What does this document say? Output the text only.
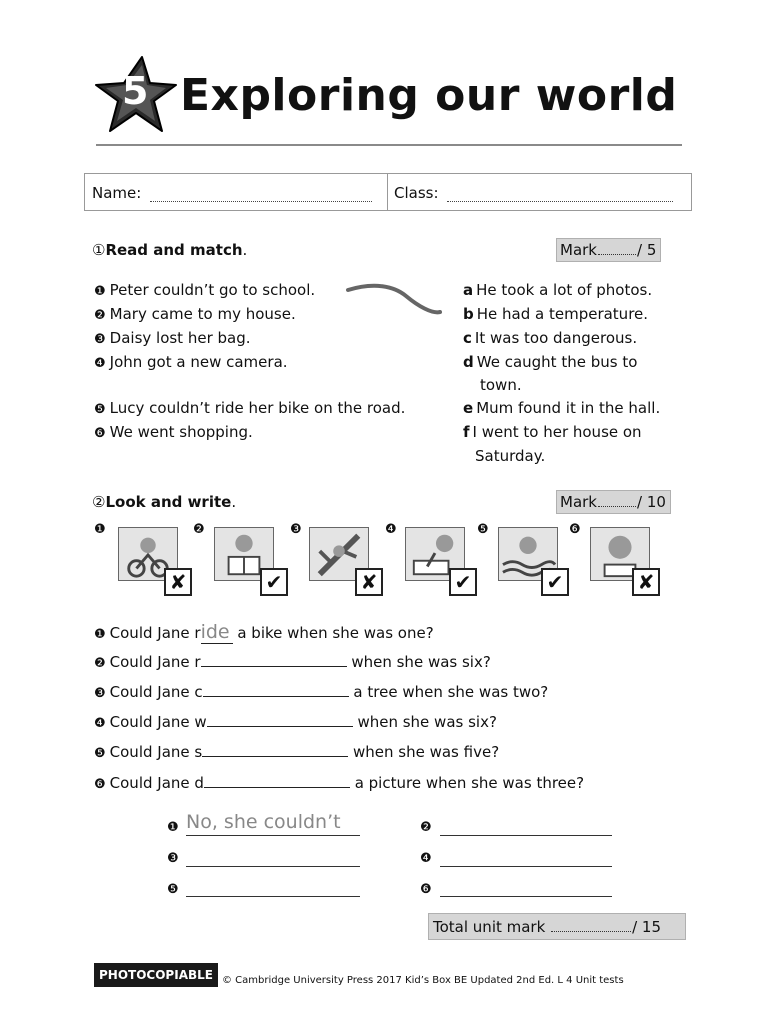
5 Exploring our world
Name:	Class:
①Read and match.	Mark	/ 5
❶ Peter couldn’t go to school.
❷ Mary came to my house.
❸ Daisy lost her bag.
❹ John got a new camera.
❺ Lucy couldn’t ride her bike on the road.
❻ We went shopping.
a He took a lot of photos.
b He had a temperature.
c It was too dangerous.
d We caught the bus to
town.
e Mum found it in the hall.
f I went to her house on
Saturday.
②Look and write.	Mark	/ 10
❶
✘
❷
✔
❸
✘
❹
✔
❺
✔
❻
✘
❶ Could Jane ride a bike when she was one?
❷ Could Jane r	when she was six?
❸ Could Jane c	a tree when she was two?
❹ Could Jane w	when she was six?
❺ Could Jane s	when she was five?
❻ Could Jane d	a picture when she was three?
❶ No, she couldn’t	❷
❸	❹
❺	❻
Total unit mark	/ 15
PHOTOCOPIABLE © Cambridge University Press 2017 Kid’s Box BE Updated 2nd Ed. L 4 Unit tests
